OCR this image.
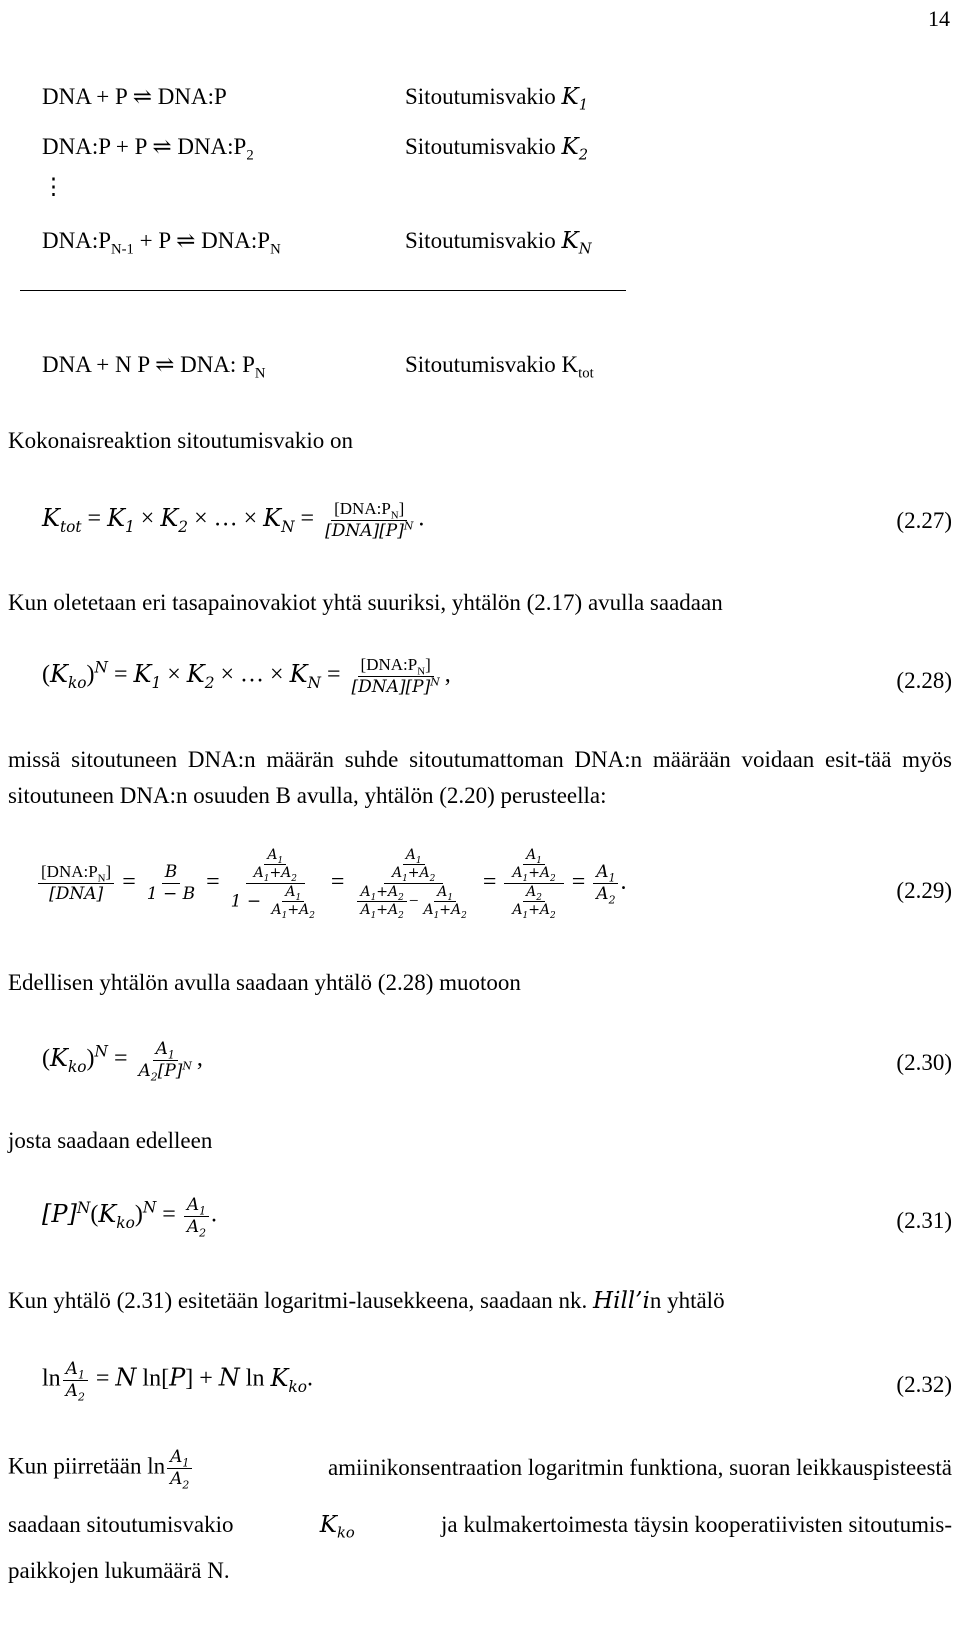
14
DNA + P ⇌ DNA:P	Sitoutumisvakio $K_1$
DNA:P + P ⇌ $DNA:P_2$	Sitoutumisvakio $K_2$
⋮
$DNA:P_{N-1} + P$ ⇌ $DNA:P_N$	Sitoutumisvakio $K_N$
DNA + N P ⇌ DNA: $P_N$	Sitoutumisvakio $K_{tot}$
Kokonaisreaktion sitoutumisvakio on
$K_{tot} = K_1 \times K_2$ × … × $K_N = \frac{[DNA:P_N]}{[DNA][P]^N}$ .	(2.27)
Kun oletetaan eri tasapainovakiot yhtä suuriksi, yhtälön (2.17) avulla saadaan
$(K_{ko})^N = K_1 \times K_2$ × … × $K_N = \frac{[DNA:P_N]}{[DNA][P]^N}$ ,	(2.28)
missä sitoutuneen DNA:n määrän suhde sitoutumattoman DNA:n määrään voidaan esit-tää myös sitoutuneen DNA:n osuuden B avulla, yhtälön (2.20) perusteella:
$\frac{[DNA:P_N]}{\text{[DNA]}} = \frac{B}{1 - B} = \frac{\frac{A_1}{A_1+A_2}}{1 - \frac{A_1}{A_1+A_2}} = \frac{\frac{A_1}{A_1+A_2}}{\frac{A_1+A_2}{A_1+A_2} - \frac{A_1}{A_1+A_2}} = \frac{\frac{A_1}{A_1+A_2}}{\frac{A_2}{A_1+A_2}} = \frac{A_1}{A_2}$ .	(2.29)
Edellisen yhtälön avulla saadaan yhtälö (2.28) muotoon
$(K_{ko})^N = \frac{A_1}{A_2[P]^N}$ ,	(2.30)
josta saadaan edelleen
$[P]^N(K_{ko})^N = \frac{A_1}{A_2}$ .	(2.31)
Kun yhtälö (2.31) esitetään logaritmi-lausekkeena, saadaan nk. Hill’in yhtälö
$\ln \frac{A_1}{A_2} = N$ ln[P] + N $\ln K_{ko}$.	(2.32)
Kun piirretään $\ln \frac{A_1}{A_2}$	amiinikonsentraation logaritmin funktiona, suoran leikkauspisteestä
saadaan sitoutumisvakio	$K_{ko}$	ja kulmakertoimesta täysin kooperatiivisten sitoutumis-
paikkojen lukumäärä N.
